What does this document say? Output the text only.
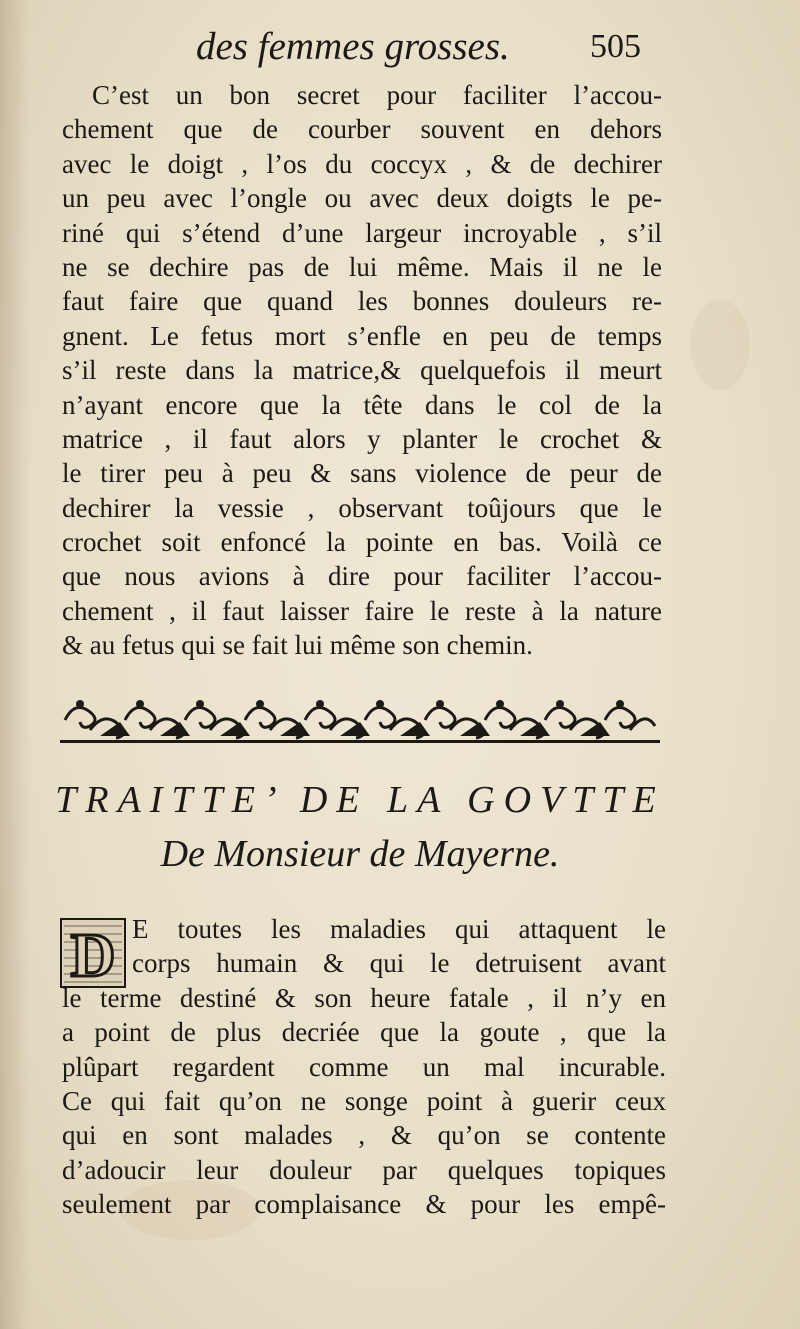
des femmes grosses. 505
C’est un bon secret pour faciliter l’accou-
chement que de courber souvent en dehors
avec le doigt , l’os du coccyx , & de dechirer
un peu avec l’ongle ou avec deux doigts le pe-
riné qui s’étend d’une largeur incroyable , s’il
ne se dechire pas de lui même. Mais il ne le
faut faire que quand les bonnes douleurs re-
gnent. Le fetus mort s’enfle en peu de temps
s’il reste dans la matrice,& quelquefois il meurt
n’ayant encore que la tête dans le col de la
matrice , il faut alors y planter le crochet &
le tirer peu à peu & sans violence de peur de
dechirer la vessie , observant toûjours que le
crochet soit enfoncé la pointe en bas. Voilà ce
que nous avions à dire pour faciliter l’accou-
chement , il faut laisser faire le reste à la nature
& au fetus qui se fait lui même son chemin.
TRAITTE’ DE LA GOVTTE
De Monsieur de Mayerne.
D E toutes les maladies qui attaquent le
corps humain & qui le detruisent avant
le terme destiné & son heure fatale , il n’y en
a point de plus decriée que la goute , que la
plûpart regardent comme un mal incurable.
Ce qui fait qu’on ne songe point à guerir ceux
qui en sont malades , & qu’on se contente
d’adoucir leur douleur par quelques topiques
seulement par complaisance & pour les empê-
